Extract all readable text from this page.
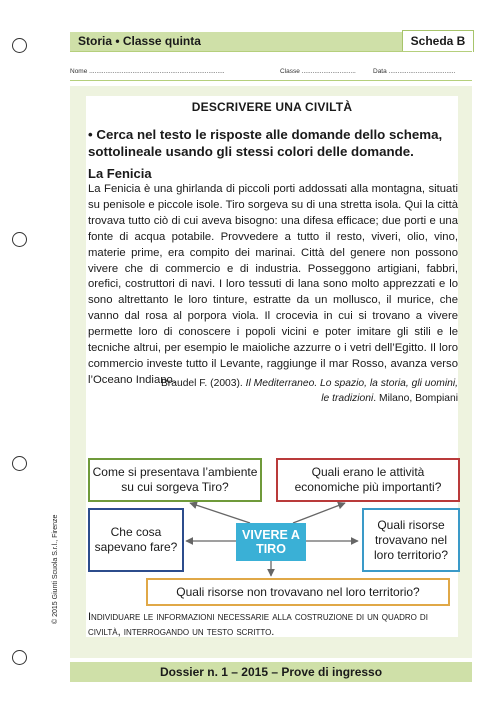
Storia • Classe quinta	Scheda B
Nome ...........................................................................	Classe ..............................	Data .....................................
DESCRIVERE UNA CIVILTÀ
• Cerca nel testo le risposte alle domande dello schema, sottolineale usando gli stessi colori delle domande.
La Fenicia
La Fenicia è una ghirlanda di piccoli porti addossati alla montagna, situati su penisole e piccole isole. Tiro sorgeva su di una stretta isola. Qui la città trovava tutto ciò di cui aveva bisogno: una difesa efficace; due porti e una fonte di acqua potabile. Provvedere a tutto il resto, viveri, olio, vino, materie prime, era compito dei marinai. Città del genere non possono vivere che di commercio e di industria. Posseggono artigiani, fabbri, orefici, costruttori di navi. I loro tessuti di lana sono molto apprezzati e lo sono altrettanto le loro tinture, estratte da un mollusco, il murice, che vanno dal rosa al porpora viola. Il crocevia in cui si trovano a vivere permette loro di conoscere i popoli vicini e poter imitare gli stili e le tecniche altrui, per esempio le maioliche azzurre o i vetri dell’Egitto. Il loro commercio investe tutto il Levante, raggiunge il mar Rosso, avanza verso l’Oceano Indiano.
Braudel F. (2003). Il Mediterraneo. Lo spazio, la storia, gli uomini,
le tradizioni. Milano, Bompiani
Come si presentava l’ambiente su cui sorgeva Tiro?
Quali erano le attività economiche più importanti?
Che cosa sapevano fare?
Quali risorse trovavano nel loro territorio?
Quali risorse non trovavano nel loro territorio?
VIVERE A TIRO
Individuare le informazioni necessarie alla costruzione di un quadro di civiltà, interrogando un testo scritto.
© 2015 Giunti Scuola S.r.l., Firenze
Dossier n. 1 – 2015 – Prove di ingresso
